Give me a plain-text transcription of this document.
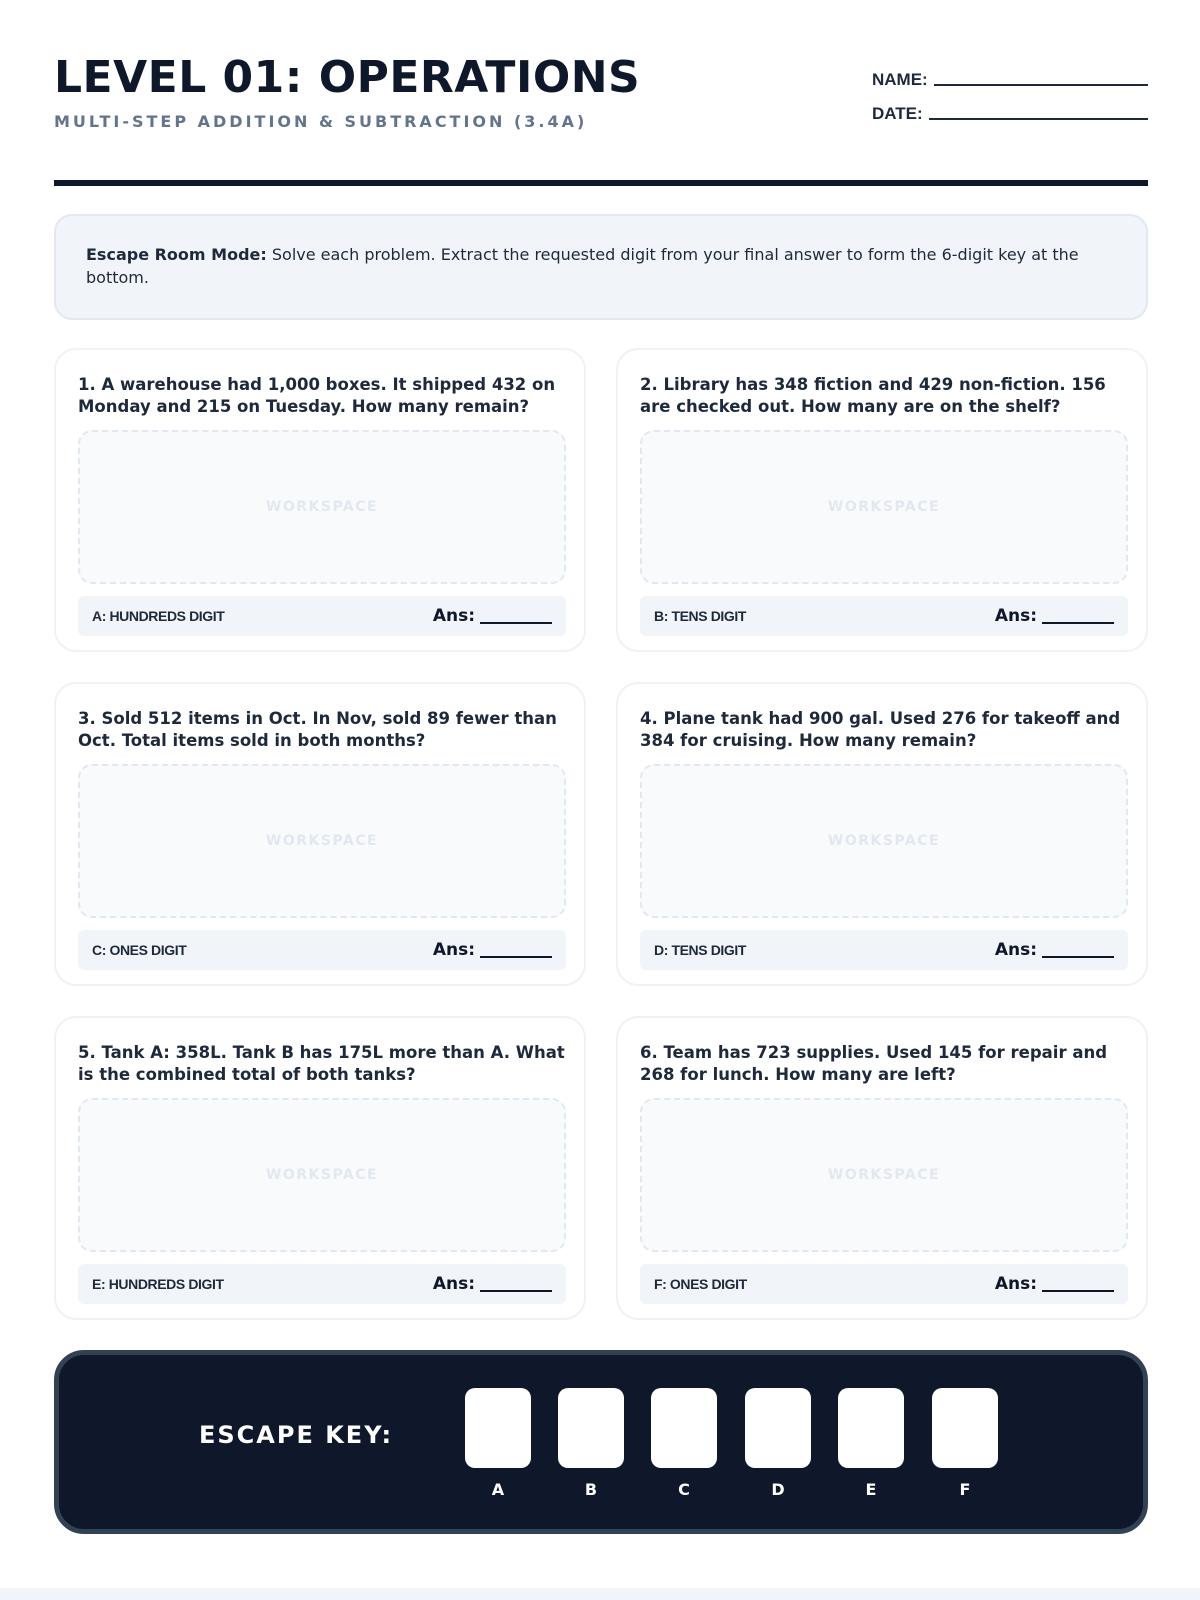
LEVEL 01: OPERATIONS
MULTI-STEP ADDITION & SUBTRACTION (3.4A)
NAME:
DATE:
Escape Room Mode: Solve each problem. Extract the requested digit from your final answer to form the 6-digit key at the bottom.
1. A warehouse had 1,000 boxes. It shipped 432 on Monday and 215 on Tuesday. How many remain?
WORKSPACE
A: HUNDREDS DIGIT	Ans:
2. Library has 348 fiction and 429 non-fiction. 156 are checked out. How many are on the shelf?
WORKSPACE
B: TENS DIGIT	Ans:
3. Sold 512 items in Oct. In Nov, sold 89 fewer than Oct. Total items sold in both months?
WORKSPACE
C: ONES DIGIT	Ans:
4. Plane tank had 900 gal. Used 276 for takeoff and 384 for cruising. How many remain?
WORKSPACE
D: TENS DIGIT	Ans:
5. Tank A: 358L. Tank B has 175L more than A. What is the combined total of both tanks?
WORKSPACE
E: HUNDREDS DIGIT	Ans:
6. Team has 723 supplies. Used 145 for repair and 268 for lunch. How many are left?
WORKSPACE
F: ONES DIGIT	Ans:
ESCAPE KEY:
A	B	C	D	E	F
